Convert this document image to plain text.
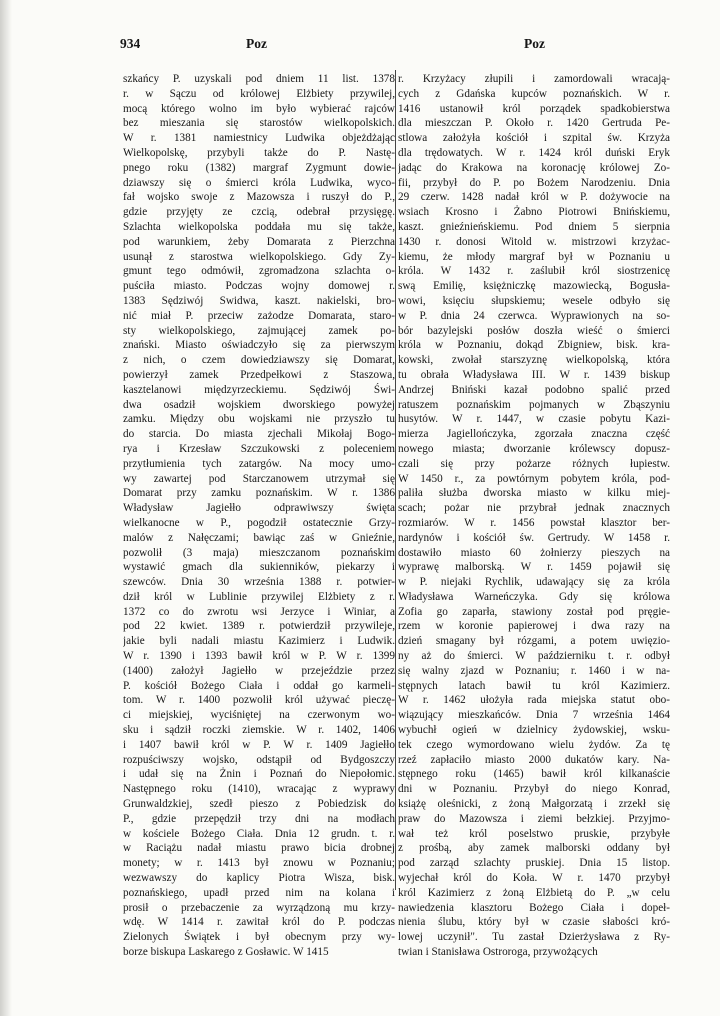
934	Poz	Poz
szkańcy P. uzyskali pod dniem 11 list. 1378
r. w Sączu od królowej Elżbiety przywilej,
mocą którego wolno im było wybierać rajców
bez mieszania się starostów wielkopolskich.
W r. 1381 namiestnicy Ludwika objeżdżając
Wielkopolskę, przybyli także do P. Nastę-
pnego roku (1382) margraf Zygmunt dowie-
dziawszy się o śmierci króla Ludwika, wyco-
fał wojsko swoje z Mazowsza i ruszył do P.,
gdzie przyjęty ze czcią, odebrał przysięgę.
Szlachta wielkopolska poddała mu się także,
pod warunkiem, żeby Domarata z Pierzchna
usunął z starostwa wielkopolskiego. Gdy Zy-
gmunt tego odmówił, zgromadzona szlachta o-
puściła miasto. Podczas wojny domowej r.
1383 Sędziwój Swidwa, kaszt. nakielski, bro-
nić miał P. przeciw zażodze Domarata, staro-
sty wielkopolskiego, zajmującej zamek po-
znański. Miasto oświadczyło się za pierwszym
z nich, o czem dowiedziawszy się Domarat,
powierzył zamek Przedpełkowi z Staszowa,
kasztelanowi międzyrzeckiemu. Sędziwój Świ-
dwa osadził wojskiem dworskiego powyżej
zamku. Między obu wojskami nie przyszło tu
do starcia. Do miasta zjechali Mikołaj Bogo-
rya i Krzesław Szczukowski z poleceniem
przytłumienia tych zatargów. Na mocy umo-
wy zawartej pod Starczanowem utrzymał się
Domarat przy zamku poznańskim. W r. 1386
Władysław Jagiełło odprawiwszy święta
wielkanocne w P., pogodził ostatecznie Grzy-
malów z Nałęczami; bawiąc zaś w Gnieźnie,
pozwolił (3 maja) mieszczanom poznańskim
wystawić gmach dla sukienników, piekarzy i
szewców. Dnia 30 września 1388 r. potwier-
dził król w Lublinie przywilej Elżbiety z r.
1372 co do zwrotu wsi Jerzyce i Winiar, a
pod 22 kwiet. 1389 r. potwierdził przywileje,
jakie byli nadali miastu Kazimierz i Ludwik.
W r. 1390 i 1393 bawił król w P. W r. 1399
(1400) założył Jagiełło w przejeździe przez
P. kościół Bożego Ciała i oddał go karmeli-
tom. W r. 1400 pozwolił król używać pieczę-
ci miejskiej, wyciśniętej na czerwonym wo-
sku i sądził roczki ziemskie. W r. 1402, 1406
i 1407 bawił król w P. W r. 1409 Jagiełło
rozpuściwszy wojsko, odstąpił od Bydgoszczy
i udał się na Żnin i Poznań do Niepołomic.
Następnego roku (1410), wracając z wyprawy
Grunwaldzkiej, szedł pieszo z Pobiedzisk do
P., gdzie przepędził trzy dni na modłach
w kościele Bożego Ciała. Dnia 12 grudn. t. r.
w Raciążu nadał miastu prawo bicia drobnej
monety; w r. 1413 był znowu w Poznaniu;
wezwawszy do kaplicy Piotra Wisza, bisk.
poznańskiego, upadł przed nim na kolana i
prosił o przebaczenie za wyrządzoną mu krzy-
wdę. W 1414 r. zawitał król do P. podczas
Zielonych Świątek i był obecnym przy wy-
borze biskupa Laskarego z Gosławic. W 1415
r. Krzyżacy złupili i zamordowali wracają-
cych z Gdańska kupców poznańskich. W r.
1416 ustanowił król porządek spadkobierstwa
dla mieszczan P. Około r. 1420 Gertruda Pe-
stlowa założyła kościół i szpital św. Krzyża
dla trędowatych. W r. 1424 król duński Eryk
jadąc do Krakowa na koronację królowej Zo-
fii, przybył do P. po Bożem Narodzeniu. Dnia
29 czerw. 1428 nadał król w P. dożywocie na
wsiach Krosno i Żabno Piotrowi Bnińskiemu,
kaszt. gnieźnieńskiemu. Pod dniem 5 sierpnia
1430 r. donosi Witold w. mistrzowi krzyżac-
kiemu, że młody margraf był w Poznaniu u
króla. W 1432 r. zaślubił król siostrzenicę
swą Emilię, księżniczkę mazowiecką, Bogusła-
wowi, księciu słupskiemu; wesele odbyło się
w P. dnia 24 czerwca. Wyprawionych na so-
bór bazylejski posłów doszła wieść o śmierci
króla w Poznaniu, dokąd Zbigniew, bisk. kra-
kowski, zwołał starszyznę wielkopolską, która
tu obrała Władysława III. W r. 1439 biskup
Andrzej Bniński kazał podobno spalić przed
ratuszem poznańskim pojmanych w Zbąszyniu
husytów. W r. 1447, w czasie pobytu Kazi-
mierza Jagiellończyka, zgorzała znaczna część
nowego miasta; dworzanie królewscy dopusz-
czali się przy pożarze różnych łupiestw.
W 1450 r., za powtórnym pobytem króla, pod-
paliła służba dworska miasto w kilku miej-
scach; pożar nie przybrał jednak znacznych
rozmiarów. W r. 1456 powstał klasztor ber-
nardynów i kościół św. Gertrudy. W 1458 r.
dostawiło miasto 60 żołnierzy pieszych na
wyprawę malborską. W r. 1459 pojawił się
w P. niejaki Rychlik, udawający się za króla
Władysława Warneńczyka. Gdy się królowa
Zofia go zaparła, stawiony został pod pręgie-
rzem w koronie papierowej i dwa razy na
dzień smagany był rózgami, a potem uwięzio-
ny aż do śmierci. W październiku t. r. odbył
się walny zjazd w Poznaniu; r. 1460 i w na-
stępnych latach bawił tu król Kazimierz.
W r. 1462 ułożyła rada miejska statut obo-
wiązujący mieszkańców. Dnia 7 września 1464
wybuchł ogień w dzielnicy żydowskiej, wsku-
tek czego wymordowano wielu żydów. Za tę
rzeź zapłaciło miasto 2000 dukatów kary. Na-
stępnego roku (1465) bawił król kilkanaście
dni w Poznaniu. Przybył do niego Konrad,
książę oleśnicki, z żoną Małgorzatą i zrzekł się
praw do Mazowsza i ziemi bełzkiej. Przyjmo-
wał też król poselstwo pruskie, przybyłe
z prośbą, aby zamek malborski oddany był
pod zarząd szlachty pruskiej. Dnia 15 listop.
wyjechał król do Koła. W r. 1470 przybył
król Kazimierz z żoną Elżbietą do P. „w celu
nawiedzenia klasztoru Bożego Ciała i dopeł-
nienia ślubu, który był w czasie słabości kró-
lowej uczynił". Tu zastał Dzierżysława z Ry-
twian i Stanisława Ostroroga, przywożących
